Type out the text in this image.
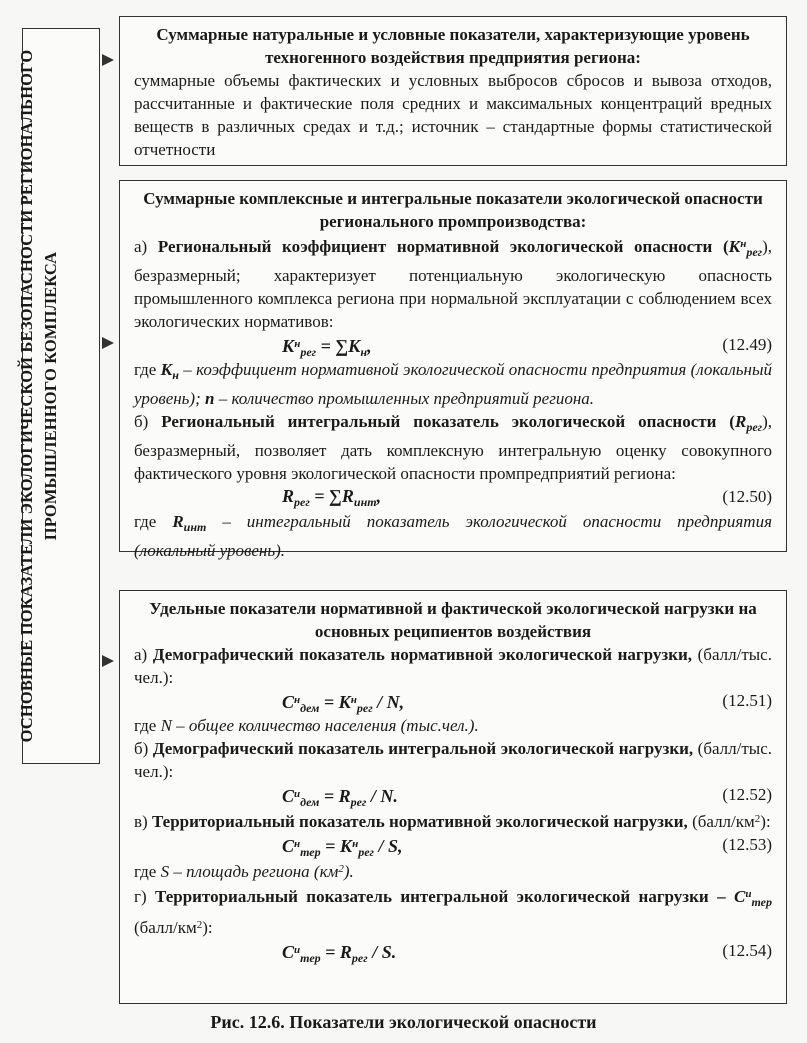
ОСНОВНЫЕ ПОКАЗАТЕЛИ ЭКОЛОГИЧЕСКОЙ БЕЗОПАСНОСТИ РЕГИОНАЛЬНОГО ПРОМЫШЛЕННОГО КОМПЛЕКСА
Суммарные натуральные и условные показатели, характеризующие уровень техногенного воздействия предприятия региона:
суммарные объемы фактических и условных выбросов сбросов и вывоза отходов, рассчитанные и фактические поля средних и максимальных концентраций вредных веществ в различных средах и т.д.; источник – стандартные формы статистической отчетности
Суммарные комплексные и интегральные показатели экологической опасности регионального промпроизводства:
а) Региональный коэффициент нормативной экологической опасности $(К^н_{рег})$, безразмерный; характеризует потенциальную экологическую опасность промышленного комплекса региона при нормальной эксплуатации с соблюдением всех экологических нормативов:
$К^н_{рег} = \sum К_н$,	(12.49)
где $К_н$ – коэффициент нормативной экологической опасности предприятия (локальный уровень); n – количество промышленных предприятий региона.
б) Региональный интегральный показатель экологической опасности $(R_{рег})$, безразмерный, позволяет дать комплексную интегральную оценку совокупного фактического уровня экологической опасности промпредприятий региона:
$R_{рег} = \sum R_{инт}$,	(12.50)
где $R_{инт}$ – интегральный показатель экологической опасности предприятия (локальный уровень).
Удельные показатели нормативной и фактической экологической нагрузки на основных реципиентов воздействия
а) Демографический показатель нормативной экологической нагрузки, (балл/тыс. чел.):
$С^н_{дем} = К^н_{рег} / N$,	(12.51)
где N – общее количество населения (тыс.чел.).
б) Демографический показатель интегральной экологической нагрузки, (балл/тыс. чел.):
$С^и_{дем} = R_{рег} / N$.	(12.52)
в) Территориальный показатель нормативной экологической нагрузки, $(балл/км^2)$:
$С^н_{тер} = К^н_{рег} / S$,	(12.53)
где S – площадь региона $(км^2)$.
г) Территориальный показатель интегральной экологической нагрузки – $С^и_{тер}$ $(балл/км^2)$:
$С^и_{тер} = R_{рег} / S$.	(12.54)
Рис. 12.6. Показатели экологической опасности
